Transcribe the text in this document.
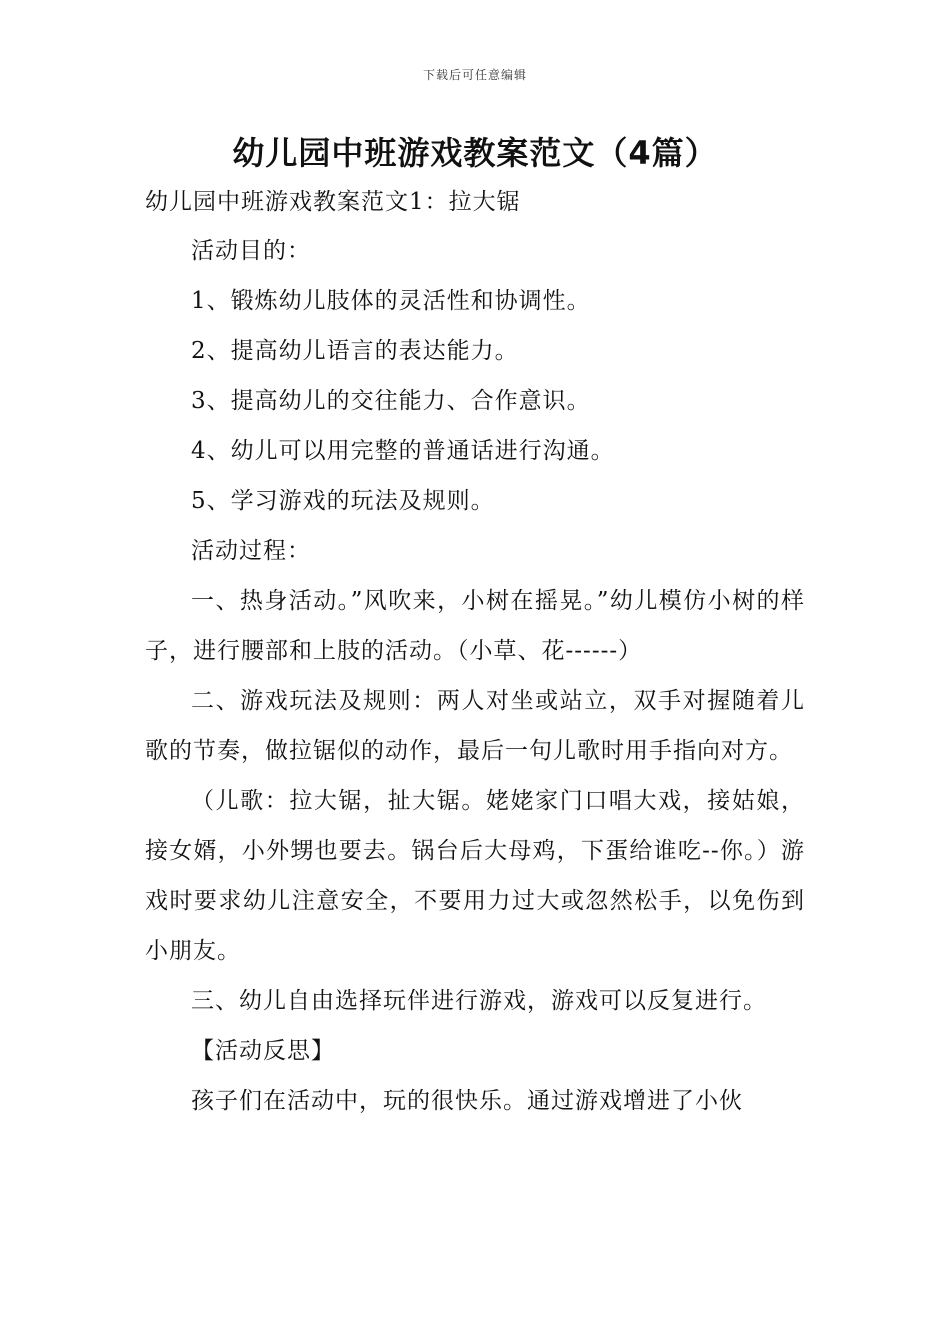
下载后可任意编辑
幼儿园中班游戏教案范文（4篇）
幼儿园中班游戏教案范文1：拉大锯

活动目的：

1、锻炼幼儿肢体的灵活性和协调性。

2、提高幼儿语言的表达能力。

3、提高幼儿的交往能力、合作意识。

4、幼儿可以用完整的普通话进行沟通。

5、学习游戏的玩法及规则。

活动过程：

一、热身活动。”风吹来，小树在摇晃。”幼儿模仿小树的样子，进行腰部和上肢的活动。（小草、花------）

二、游戏玩法及规则：两人对坐或站立，双手对握随着儿歌的节奏，做拉锯似的动作，最后一句儿歌时用手指向对方。

（儿歌：拉大锯，扯大锯。姥姥家门口唱大戏，接姑娘，接女婿，小外甥也要去。锅台后大母鸡，下蛋给谁吃--你。）游戏时要求幼儿注意安全，不要用力过大或忽然松手，以免伤到小朋友。

三、幼儿自由选择玩伴进行游戏，游戏可以反复进行。

【活动反思】

孩子们在活动中，玩的很快乐。通过游戏增进了小伙
